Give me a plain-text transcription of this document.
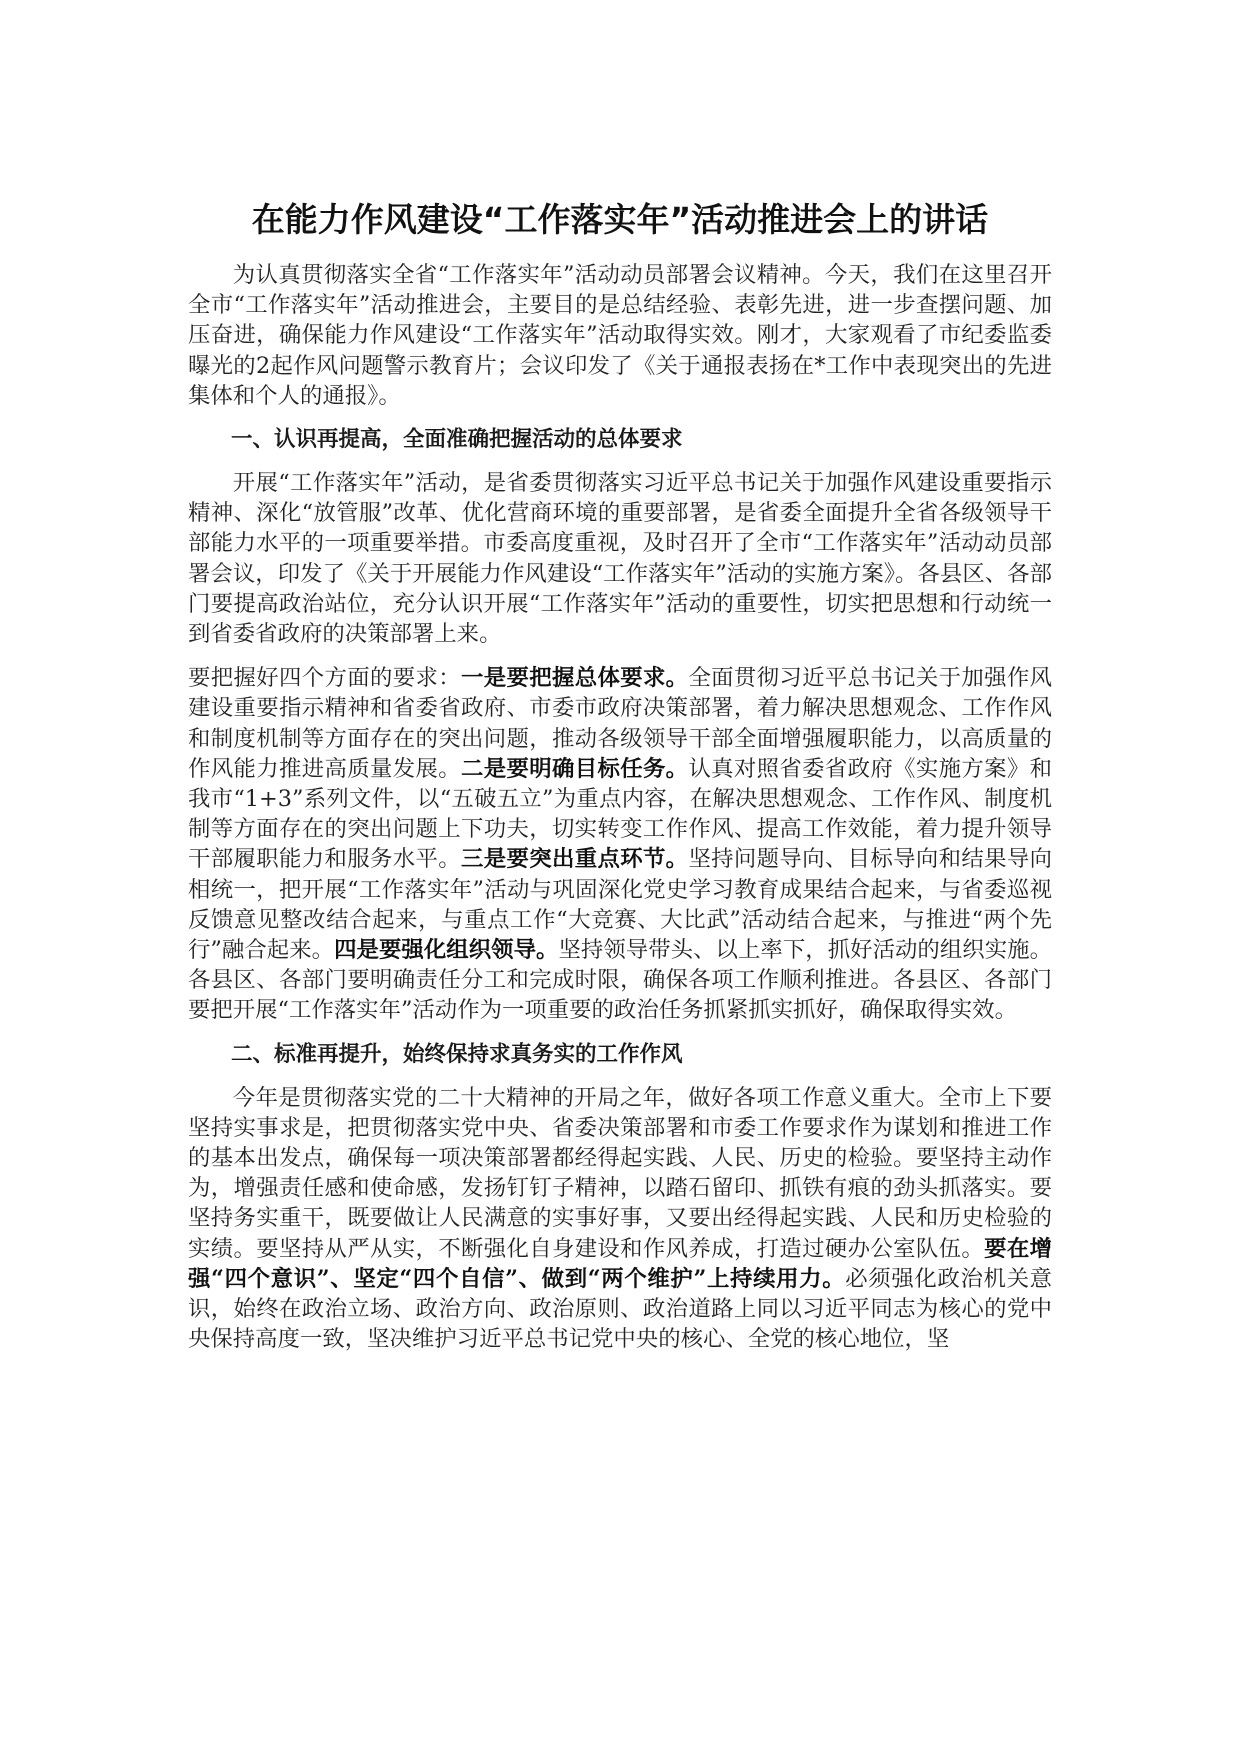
在能力作风建设“工作落实年”活动推进会上的讲话

为认真贯彻落实全省“工作落实年”活动动员部署会议精神。今天，我们在这里召开全市“工作落实年”活动推进会，主要目的是总结经验、表彰先进，进一步查摆问题、加压奋进，确保能力作风建设“工作落实年”活动取得实效。刚才，大家观看了市纪委监委曝光的2起作风问题警示教育片；会议印发了《关于通报表扬在*工作中表现突出的先进集体和个人的通报》。

一、认识再提高，全面准确把握活动的总体要求

开展“工作落实年”活动，是省委贯彻落实习近平总书记关于加强作风建设重要指示精神、深化“放管服”改革、优化营商环境的重要部署，是省委全面提升全省各级领导干部能力水平的一项重要举措。市委高度重视，及时召开了全市“工作落实年”活动动员部署会议，印发了《关于开展能力作风建设“工作落实年”活动的实施方案》。各县区、各部门要提高政治站位，充分认识开展“工作落实年”活动的重要性，切实把思想和行动统一到省委省政府的决策部署上来。

要把握好四个方面的要求：一是要把握总体要求。全面贯彻习近平总书记关于加强作风建设重要指示精神和省委省政府、市委市政府决策部署，着力解决思想观念、工作作风和制度机制等方面存在的突出问题，推动各级领导干部全面增强履职能力，以高质量的作风能力推进高质量发展。二是要明确目标任务。认真对照省委省政府《实施方案》和我市“1+3”系列文件，以“五破五立”为重点内容，在解决思想观念、工作作风、制度机制等方面存在的突出问题上下功夫，切实转变工作作风、提高工作效能，着力提升领导干部履职能力和服务水平。三是要突出重点环节。坚持问题导向、目标导向和结果导向相统一，把开展“工作落实年”活动与巩固深化党史学习教育成果结合起来，与省委巡视反馈意见整改结合起来，与重点工作“大竞赛、大比武”活动结合起来，与推进“两个先行”融合起来。四是要强化组织领导。坚持领导带头、以上率下，抓好活动的组织实施。各县区、各部门要明确责任分工和完成时限，确保各项工作顺利推进。各县区、各部门要把开展“工作落实年”活动作为一项重要的政治任务抓紧抓实抓好，确保取得实效。

二、标准再提升，始终保持求真务实的工作作风

今年是贯彻落实党的二十大精神的开局之年，做好各项工作意义重大。全市上下要坚持实事求是，把贯彻落实党中央、省委决策部署和市委工作要求作为谋划和推进工作的基本出发点，确保每一项决策部署都经得起实践、人民、历史的检验。要坚持主动作为，增强责任感和使命感，发扬钉钉子精神，以踏石留印、抓铁有痕的劲头抓落实。要坚持务实重干，既要做让人民满意的实事好事，又要出经得起实践、人民和历史检验的实绩。要坚持从严从实，不断强化自身建设和作风养成，打造过硬办公室队伍。要在增强“四个意识”、坚定“四个自信”、做到“两个维护”上持续用力。必须强化政治机关意识，始终在政治立场、政治方向、政治原则、政治道路上同以习近平同志为核心的党中央保持高度一致，坚决维护习近平总书记党中央的核心、全党的核心地位，坚
